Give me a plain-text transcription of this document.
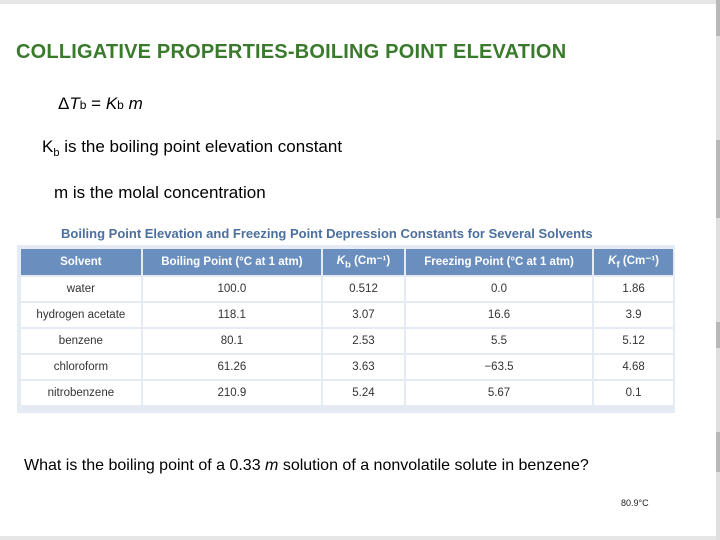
COLLIGATIVE PROPERTIES-BOILING POINT ELEVATION
ΔTb = Kb m
$K_b$ is the boiling point elevation constant
m is the molal concentration
Boiling Point Elevation and Freezing Point Depression Constants for Several Solvents
Solvent	Boiling Point (°C at 1 atm)	$K_b$ (Cm⁻¹)	Freezing Point (°C at 1 atm)	$K_f$ (Cm⁻¹)
water	100.0	0.512	0.0	1.86
hydrogen acetate	118.1	3.07	16.6	3.9
benzene	80.1	2.53	5.5	5.12
chloroform	61.26	3.63	−63.5	4.68
nitrobenzene	210.9	5.24	5.67	0.1
What is the boiling point of a 0.33 m solution of a nonvolatile solute in benzene?
80.9°C
